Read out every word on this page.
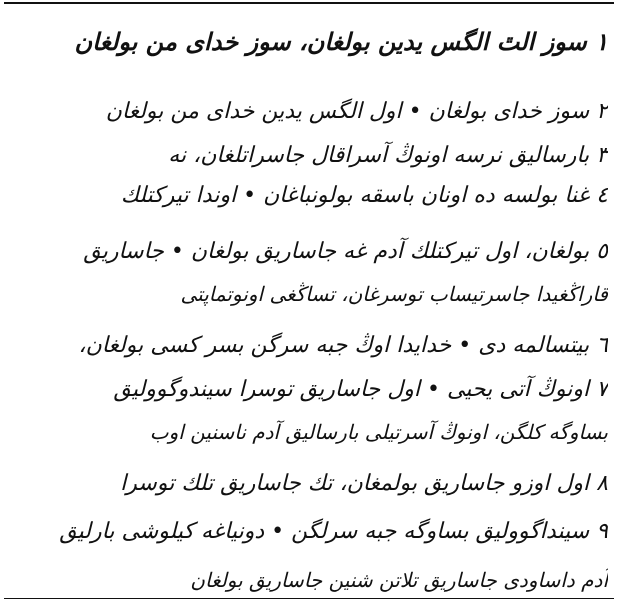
١ سوز الٿ الگس یدین بولغان، سوز خدای من بولغان
٢ سوز خدای بولغان • اول الگس یدین خدای من بولغان
٣ بارسالیق نرسه اونوڭ آسراقال جاسراتلغان، نه
٤ غنا بولسه ده اونان باسقه بولونباغان • اوندا تیرکتلك
٥ بولغان، اول تیرکتلك آدم غه جاساریق بولغان • جاساریق
قاراڭغیدا جاسرتیساب توسرغان، تساڭغی اونوتماپتی
٦ بیتسالمه دی • خدایدا اوڭ جبه سرگن بسر کسی بولغان،
٧ اونوڭ آتی یحیی • اول جاساریق توسرا سیندوگوولیق
بساوگه کلگن، اونوڭ آسرتیلی بارسالیق آدم ناسنین اوب
٨ اول اوزو جاساریق بولمغان، تك جاساریق تلك توسرا
٩ سینداگوولیق بساوگه جبه سرلگن • دونیاغه کیلوشی بارلیق
آدم داساودی جاساریق تلاتن شنین جاساریق بولغان
